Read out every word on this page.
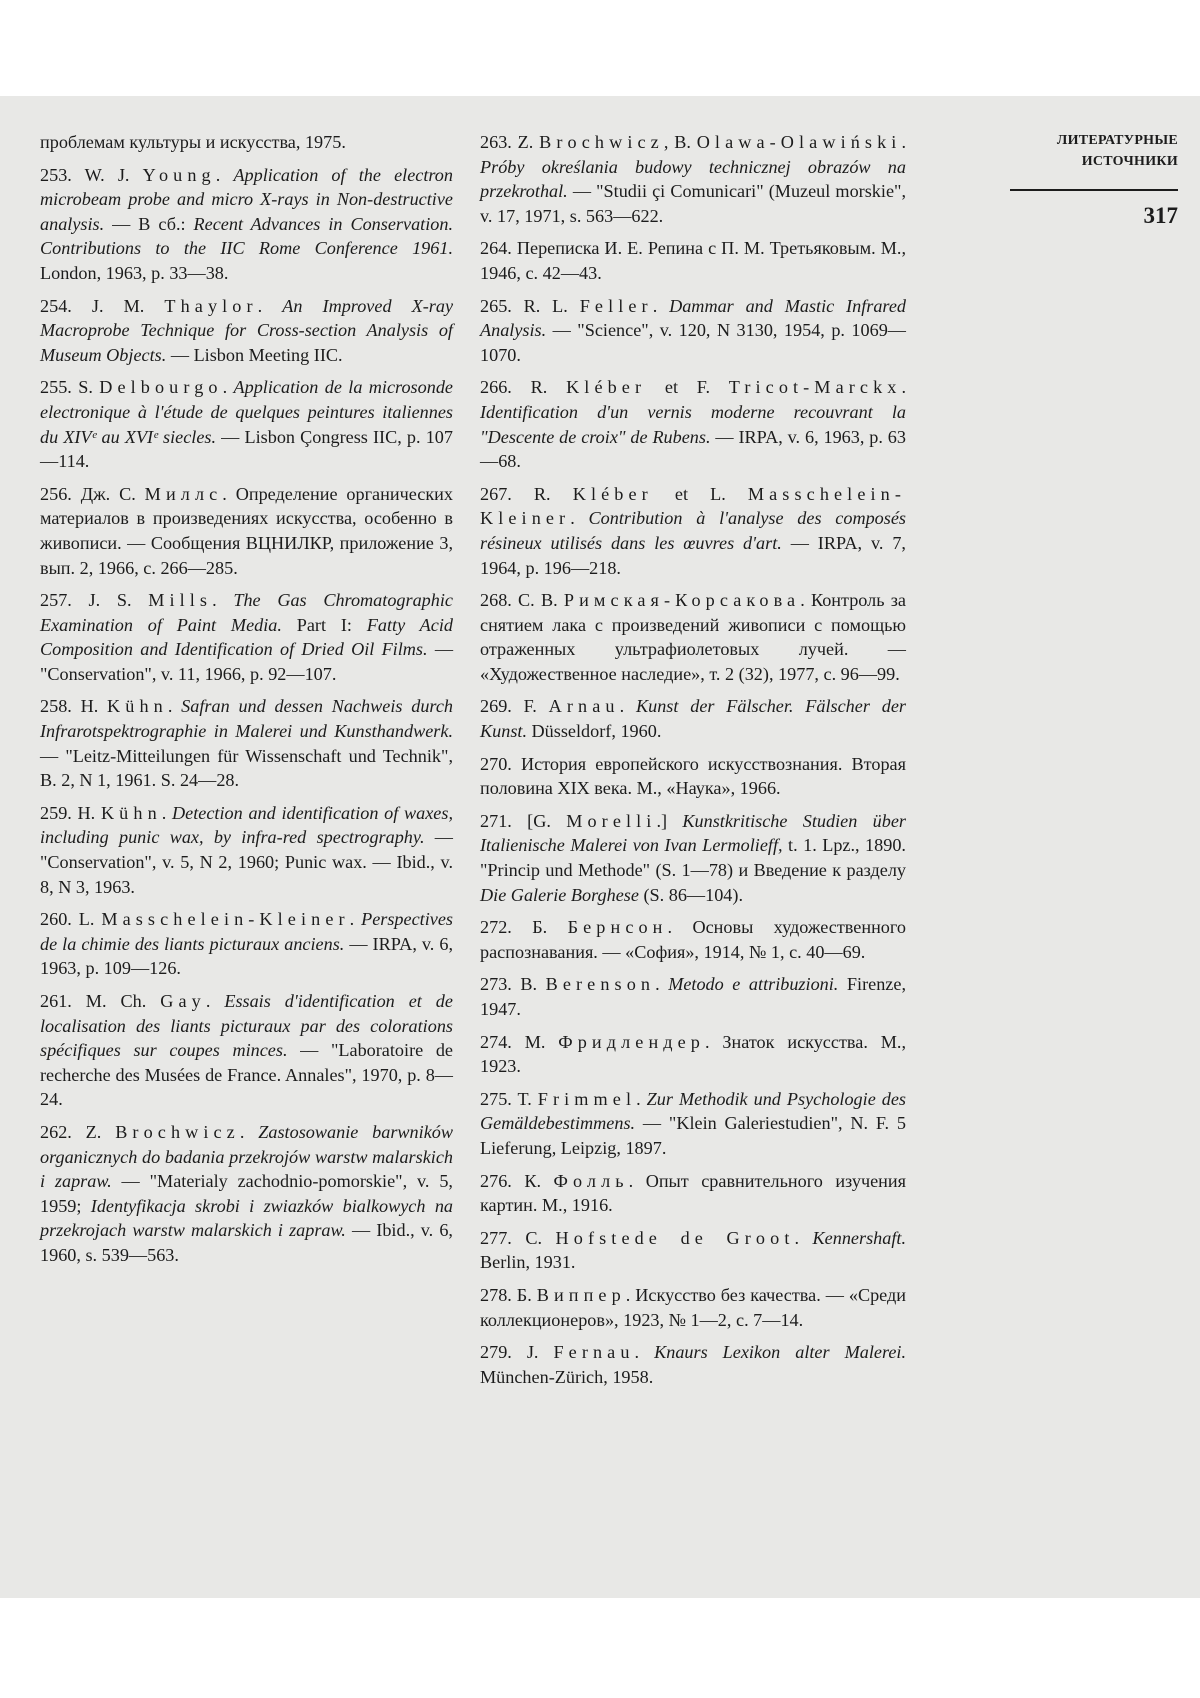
проблемам культуры и искусства, 1975.

253. W. J. Young. Application of the electron microbeam probe and micro X-rays in Non-destructive analysis. — В сб.: Recent Advances in Conservation. Contributions to the IIC Rome Conference 1961. London, 1963, p. 33—38.

254. J. M. Thaylor. An Improved X-ray Macroprobe Technique for Cross-section Analysis of Museum Objects. — Lisbon Meeting IIC.

255. S. Delbourgo. Application de la microsonde electronique à l'étude de quelques peintures italiennes du XIVᵉ au XVIᵉ siecles. — Lisbon Çongress IIC, p. 107—114.

256. Дж. С. Миллс. Определение органических материалов в произведениях искусства, особенно в живописи. — Сообщения ВЦНИЛКР, приложение 3, вып. 2, 1966, с. 266—285.

257. J. S. Mills. The Gas Chromatographic Examination of Paint Media. Part I: Fatty Acid Composition and Identification of Dried Oil Films. — "Conservation", v. 11, 1966, p. 92—107.

258. H. Kühn. Safran und dessen Nachweis durch Infrarotspektrographie in Malerei und Kunsthandwerk. — "Leitz-Mitteilungen für Wissenschaft und Technik", B. 2, N 1, 1961. S. 24—28.

259. H. Kühn. Detection and identification of waxes, including punic wax, by infra-red spectrography. — "Conservation", v. 5, N 2, 1960; Punic wax. — Ibid., v. 8, N 3, 1963.

260. L. Masschelein-Kleiner. Perspectives de la chimie des liants picturaux anciens. — IRPA, v. 6, 1963, p. 109—126.

261. M. Ch. Gay. Essais d'identification et de localisation des liants picturaux par des colorations spécifiques sur coupes minces. — "Laboratoire de recherche des Musées de France. Annales", 1970, p. 8—24.

262. Z. Brochwicz. Zastosowanie barwników organicznych do badania przekrojów warstw malarskich i zapraw. — "Materialy zachodnio-pomorskie", v. 5, 1959; Identyfikacja skrobi i zwiazków bialkowych na przekrojach warstw malarskich i zapraw. — Ibid., v. 6, 1960, s. 539—563.

263. Z. Brochwicz, B. Olawa-Olawiński. Próby określania budowy technicznej obrazów na przekrothal. — "Studii çi Comunicari" (Muzeul morskie", v. 17, 1971, s. 563—622.

264. Переписка И. Е. Репина с П. М. Третьяковым. М., 1946, с. 42—43.

265. R. L. Feller. Dammar and Mastic Infrared Analysis. — "Science", v. 120, N 3130, 1954, p. 1069—1070.

266. R. Kléber et F. Tricot-Marckx. Identification d'un vernis moderne recouvrant la "Descente de croix" de Rubens. — IRPA, v. 6, 1963, p. 63—68.

267. R. Kléber et L. Masschelein-Kleiner. Contribution à l'analyse des composés résineux utilisés dans les œuvres d'art. — IRPA, v. 7, 1964, p. 196—218.

268. С. В. Римская-Корсакова. Контроль за снятием лака с произведений живописи с помощью отраженных ультрафиолетовых лучей. — «Художественное наследие», т. 2 (32), 1977, с. 96—99.

269. F. Arnau. Kunst der Fälscher. Fälscher der Kunst. Düsseldorf, 1960.

270. История европейского искусствознания. Вторая половина XIX века. М., «Наука», 1966.

271. [G. Morelli.] Kunstkritische Studien über Italienische Malerei von Ivan Lermolieff, t. 1. Lpz., 1890. "Princip und Methode" (S. 1—78) и Введение к разделу Die Galerie Borghese (S. 86—104).

272. Б. Бернсон. Основы художественного распознавания. — «София», 1914, № 1, с. 40—69.

273. B. Berenson. Metodo e attribuzioni. Firenze, 1947.

274. М. Фридлендер. Знаток искусства. М., 1923.

275. T. Frimmel. Zur Methodik und Psychologie des Gemäldebestimmens. — "Klein Galeriestudien", N. F. 5 Lieferung, Leipzig, 1897.

276. К. Фолль. Опыт сравнительного изучения картин. М., 1916.

277. C. Hofstede de Groot. Kennershaft. Berlin, 1931.

278. Б. Виппер. Искусство без качества. — «Среди коллекционеров», 1923, № 1—2, с. 7—14.

279. J. Fernau. Knaurs Lexikon alter Malerei. München-Zürich, 1958.

ЛИТЕРАТУРНЫЕ
ИСТОЧНИКИ
317
